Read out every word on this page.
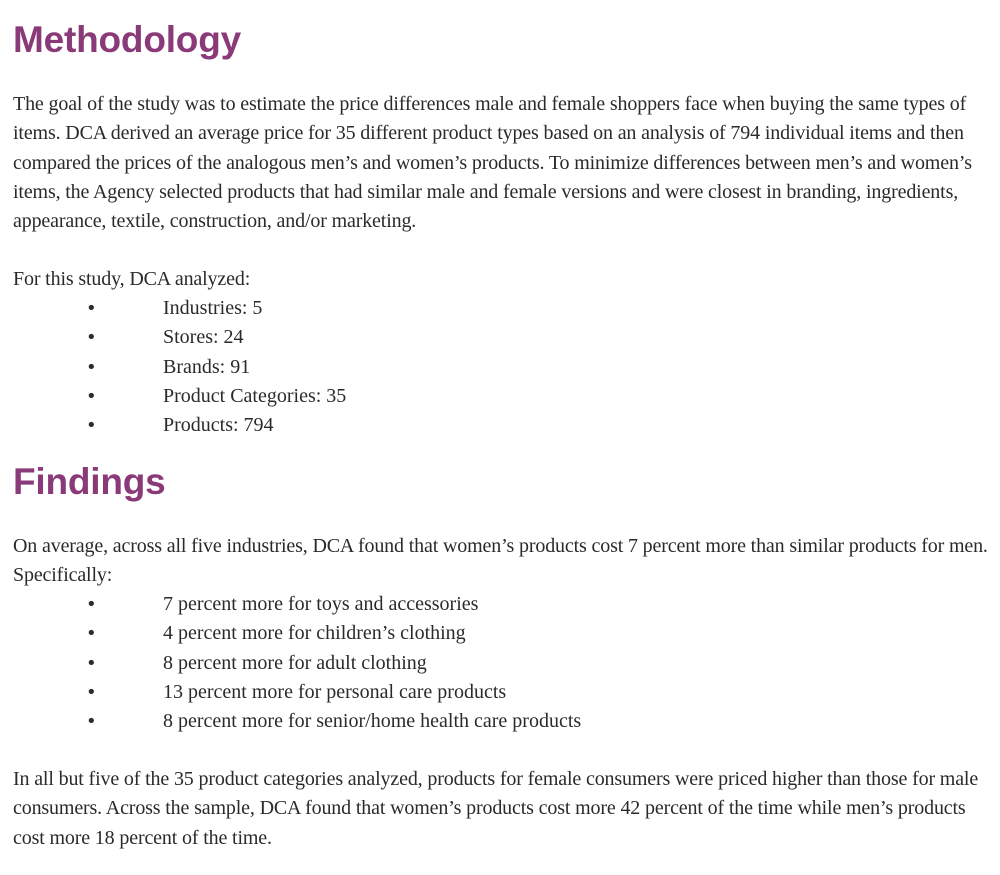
Methodology

The goal of the study was to estimate the price differences male and female shoppers face when buying the same types of items. DCA derived an average price for 35 different product types based on an analysis of 794 individual items and then compared the prices of the analogous men’s and women’s products. To minimize differences between men’s and women’s items, the Agency selected products that had similar male and female versions and were closest in branding, ingredients, appearance, textile, construction, and/or marketing.

For this study, DCA analyzed:

•	Industries: 5
•	Stores: 24
•	Brands: 91
•	Product Categories: 35
•	Products: 794
Findings

On average, across all five industries, DCA found that women’s products cost 7 percent more than similar products for men. Specifically:

•	7 percent more for toys and accessories
•	4 percent more for children’s clothing
•	8 percent more for adult clothing
•	13 percent more for personal care products
•	8 percent more for senior/home health care products

In all but five of the 35 product categories analyzed, products for female consumers were priced higher than those for male consumers. Across the sample, DCA found that women’s products cost more 42 percent of the time while men’s products cost more 18 percent of the time.
